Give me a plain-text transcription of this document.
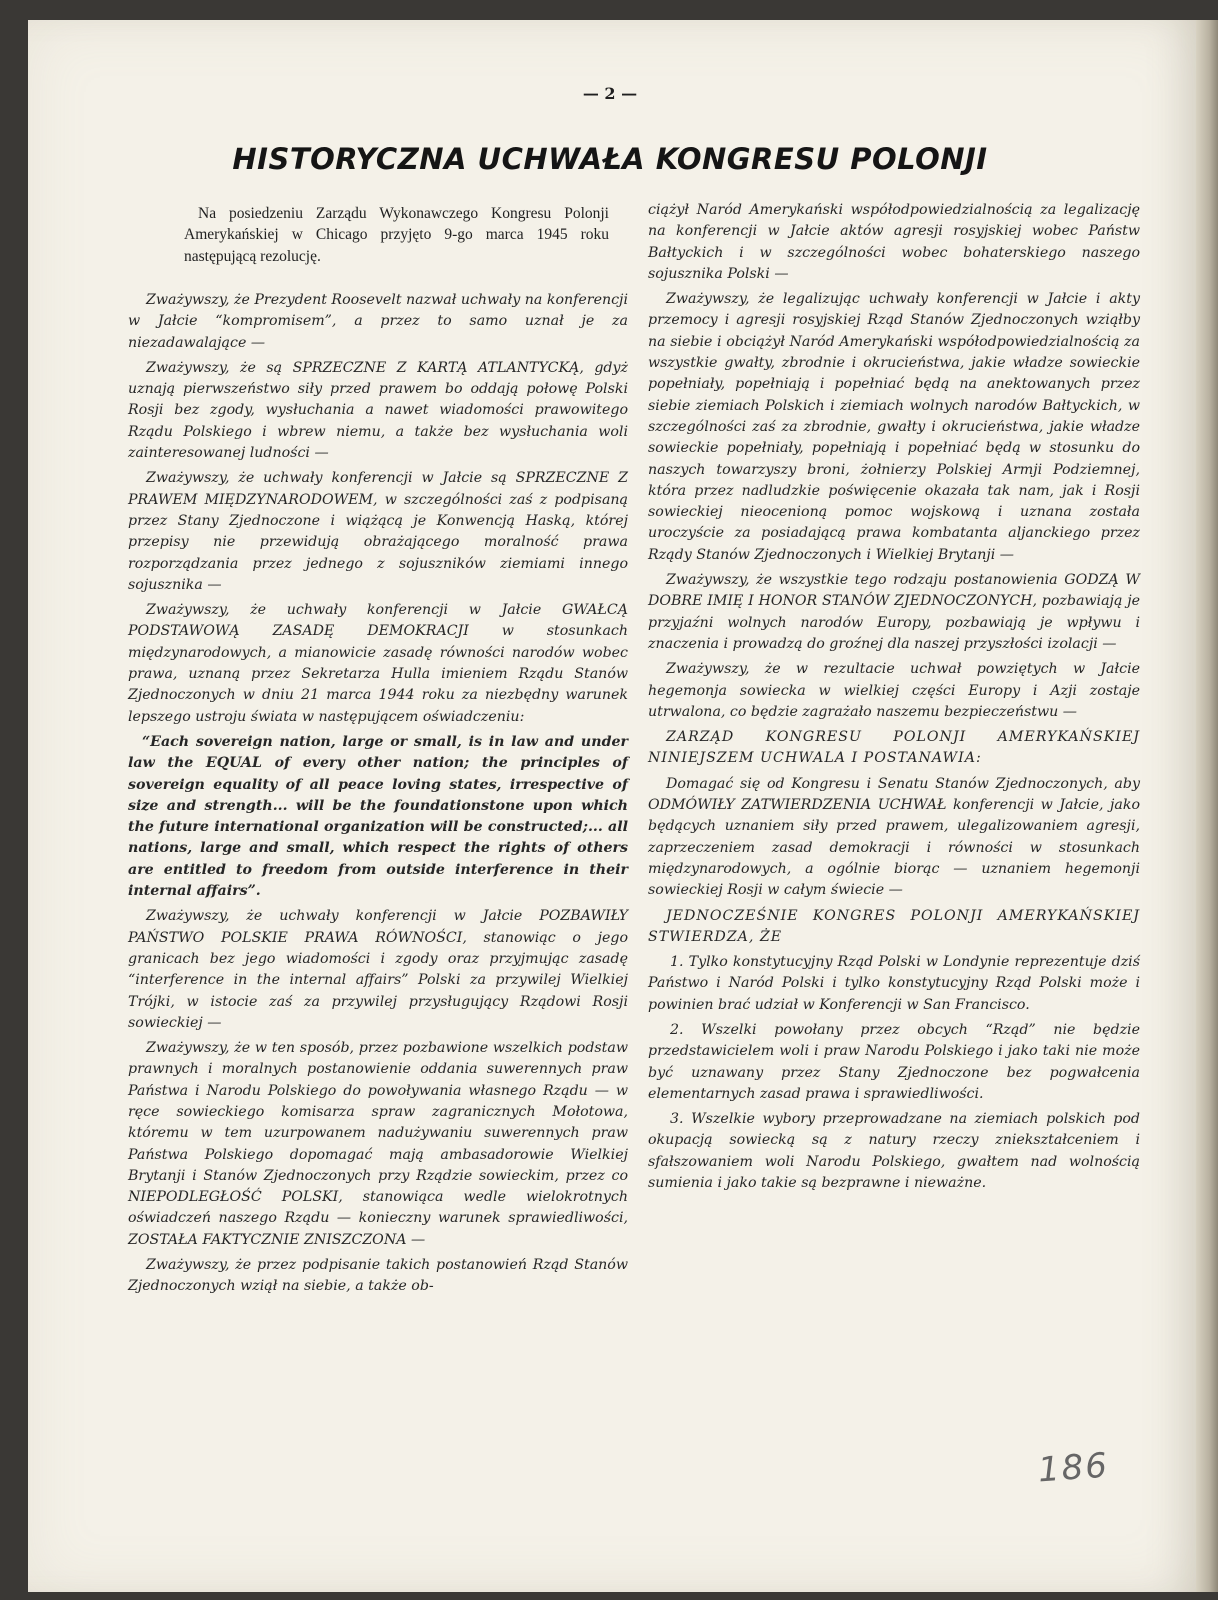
— 2 —
HISTORYCZNA UCHWAŁA KONGRESU POLONJI

Na posiedzeniu Zarządu Wykonawczego Kongresu Polonji Amerykańskiej w Chicago przyjęto 9-go marca 1945 roku następującą rezolucję.

Zważywszy, że Prezydent Roosevelt nazwał uchwały na konferencji w Jałcie “kompromisem”, a przez to samo uznał je za niezadawalające —

Zważywszy, że są SPRZECZNE Z KARTĄ ATLANTYCKĄ, gdyż uznają pierwszeństwo siły przed prawem bo oddają połowę Polski Rosji bez zgody, wysłuchania a nawet wiadomości prawowitego Rządu Polskiego i wbrew niemu, a także bez wysłuchania woli zainteresowanej ludności —

Zważywszy, że uchwały konferencji w Jałcie są SPRZECZNE Z PRAWEM MIĘDZYNARODOWEM, w szczególności zaś z podpisaną przez Stany Zjednoczone i wiążącą je Konwencją Haską, której przepisy nie przewidują obrażającego moralność prawa rozporządzania przez jednego z sojuszników ziemiami innego sojusznika —

Zważywszy, że uchwały konferencji w Jałcie GWAŁCĄ PODSTAWOWĄ ZASADĘ DEMOKRACJI w stosunkach międzynarodowych, a mianowicie zasadę równości narodów wobec prawa, uznaną przez Sekretarza Hulla imieniem Rządu Stanów Zjednoczonych w dniu 21 marca 1944 roku za niezbędny warunek lepszego ustroju świata w następującem oświadczeniu:

“Each sovereign nation, large or small, is in law and under law the EQUAL of every other nation; the principles of sovereign equality of all peace loving states, irrespective of size and strength... will be the foundationstone upon which the future international organization will be constructed;... all nations, large and small, which respect the rights of others are entitled to freedom from outside interference in their internal affairs”.

Zważywszy, że uchwały konferencji w Jałcie POZBAWIŁY PAŃSTWO POLSKIE PRAWA RÓWNOŚCI, stanowiąc o jego granicach bez jego wiadomości i zgody oraz przyjmując zasadę “interference in the internal affairs” Polski za przywilej Wielkiej Trójki, w istocie zaś za przywilej przysługujący Rządowi Rosji sowieckiej —

Zważywszy, że w ten sposób, przez pozbawione wszelkich podstaw prawnych i moralnych postanowienie oddania suwerennych praw Państwa i Narodu Polskiego do powoływania własnego Rządu — w ręce sowieckiego komisarza spraw zagranicznych Mołotowa, któremu w tem uzurpowanem nadużywaniu suwerennych praw Państwa Polskiego dopomagać mają ambasadorowie Wielkiej Brytanji i Stanów Zjednoczonych przy Rządzie sowieckim, przez co NIEPODLEGŁOŚĆ POLSKI, stanowiąca wedle wielokrotnych oświadczeń naszego Rządu — konieczny warunek sprawiedliwości, ZOSTAŁA FAKTYCZNIE ZNISZCZONA —

Zważywszy, że przez podpisanie takich postanowień Rząd Stanów Zjednoczonych wziął na siebie, a także ob-

ciążył Naród Amerykański współodpowiedzialnością za legalizację na konferencji w Jałcie aktów agresji rosyjskiej wobec Państw Bałtyckich i w szczególności wobec bohaterskiego naszego sojusznika Polski —

Zważywszy, że legalizując uchwały konferencji w Jałcie i akty przemocy i agresji rosyjskiej Rząd Stanów Zjednoczonych wziąłby na siebie i obciążył Naród Amerykański współodpowiedzialnością za wszystkie gwałty, zbrodnie i okrucieństwa, jakie władze sowieckie popełniały, popełniają i popełniać będą na anektowanych przez siebie ziemiach Polskich i ziemiach wolnych narodów Bałtyckich, w szczególności zaś za zbrodnie, gwałty i okrucieństwa, jakie władze sowieckie popełniały, popełniają i popełniać będą w stosunku do naszych towarzyszy broni, żołnierzy Polskiej Armji Podziemnej, która przez nadludzkie poświęcenie okazała tak nam, jak i Rosji sowieckiej nieocenioną pomoc wojskową i uznana została uroczyście za posiadającą prawa kombatanta aljanckiego przez Rządy Stanów Zjednoczonych i Wielkiej Brytanji —

Zważywszy, że wszystkie tego rodzaju postanowienia GODZĄ W DOBRE IMIĘ I HONOR STANÓW ZJEDNOCZONYCH, pozbawiają je przyjaźni wolnych narodów Europy, pozbawiają je wpływu i znaczenia i prowadzą do groźnej dla naszej przyszłości izolacji —

Zważywszy, że w rezultacie uchwał powziętych w Jałcie hegemonja sowiecka w wielkiej części Europy i Azji zostaje utrwalona, co będzie zagrażało naszemu bezpieczeństwu —

ZARZĄD KONGRESU POLONJI AMERYKAŃSKIEJ NINIEJSZEM UCHWALA I POSTANAWIA:

Domagać się od Kongresu i Senatu Stanów Zjednoczonych, aby ODMÓWIŁY ZATWIERDZENIA UCHWAŁ konferencji w Jałcie, jako będących uznaniem siły przed prawem, ulegalizowaniem agresji, zaprzeczeniem zasad demokracji i równości w stosunkach międzynarodowych, a ogólnie biorąc — uznaniem hegemonji sowieckiej Rosji w całym świecie —

JEDNOCZEŚNIE KONGRES POLONJI AMERYKAŃSKIEJ STWIERDZA, ŻE

1. Tylko konstytucyjny Rząd Polski w Londynie reprezentuje dziś Państwo i Naród Polski i tylko konstytucyjny Rząd Polski może i powinien brać udział w Konferencji w San Francisco.

2. Wszelki powołany przez obcych “Rząd” nie będzie przedstawicielem woli i praw Narodu Polskiego i jako taki nie może być uznawany przez Stany Zjednoczone bez pogwałcenia elementarnych zasad prawa i sprawiedliwości.

3. Wszelkie wybory przeprowadzane na ziemiach polskich pod okupacją sowiecką są z natury rzeczy zniekształceniem i sfałszowaniem woli Narodu Polskiego, gwałtem nad wolnością sumienia i jako takie są bezprawne i nieważne.

186
